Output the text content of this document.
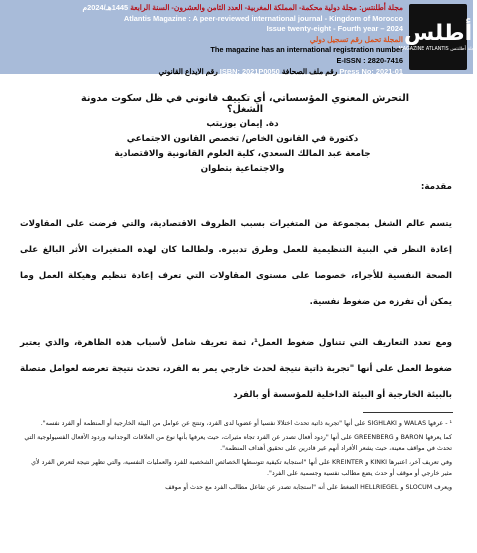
أطلس
MAGAZINE ATLANTIS مجلة أطلنتس
مجلة أطلنتس: مجلة دولية محكمة- المملكة المغربية- العدد الثامن والعشرون- السنة الرابعة 1445هـ/2024م
Atlantis Magazine : A peer-reviewed international journal - Kingdom of Morocco
Issue twenty-eight - Fourth year – 2024
المجلة تحمل رقم تسجيل دولي
The magazine has an international registration number
E-ISSN : 2820-7416
Press No: 2021-01 رقم ملف الصحافة ISBN: 2021P0050 رقم الايداع القانوني
التحرش المعنوي المؤسساتي، أي تكييف قانوني في ظل سكوت مدونة الشغل؟
دة. إيمان بوزيتب
دكتورة في القانون الخاص/ تخصص القانون الاجتماعي
جامعة عبد المالك السعدي، كلية العلوم القانونية والاقتصادية والاجتماعية بتطوان
مقدمة:
يتسم عالم الشغل بمجموعة من المتغيرات بسبب الظروف الاقتصادية، والتي فرضت على المقاولات إعادة النظر في البنية التنظيمية للعمل وطرق تدبيره. ولطالما كان لهذه المتغيرات الأثر البالغ على الصحة النفسية للأجراء، خصوصا على مستوى المقاولات التي تعرف إعادة تنظيم وهيكلة العمل وما يمكن أن تفرزه من ضغوط نفسية.
ومع تعدد التعاريف التي تتناول ضغوط العمل¹، ثمة تعريف شامل لأسباب هذه الظاهرة، والذي يعتبر ضغوط العمل على أنها "تجربة ذاتية نتيجة لحدث خارجي يمر به الفرد، تحدث نتيجة تعرضه لعوامل متصلة بالبيئة الخارجية أو البيئة الداخلية للمؤسسة أو بالفرد

¹ - عرفها WALAS و SIGHLAKI على أنها "تجربة ذاتية تحدث اختلالا نفسيا أو عضويا لدى الفرد، وتنتج عن عوامل من البيئة الخارجية أو المنظمة أو الفرد نفسه".

كما يعرفها BARON و GREENBERG على أنها "ردود أفعال تصدر عن الفرد تجاه مثيرات، حيث يعرفها بأنها نوع من العلاقات الوجدانية وردود الأفعال الفسيولوجية التي تحدث في مواقف معينة، حيث يشعر الأفراد أنهم غير قادرين على تحقيق أهداف المنظمة".

وفي تعريف آخر، اعتبرها KINKI و KREINTER على أنها "استجابة تكيفية تتوسطها الخصائص الشخصية للفرد والعمليات النفسية، والتي تظهر نتيجة لتعرض الفرد لأي مثير خارجي أو موقف أو حدث يضع مطالب نفسية وجسمية على الفرد".

ويعرف SLOCUM و HELLRIEGEL الضغط على أنه "استجابة تصدر عن تفاعل مطالب الفرد مع حدث أو موقف
